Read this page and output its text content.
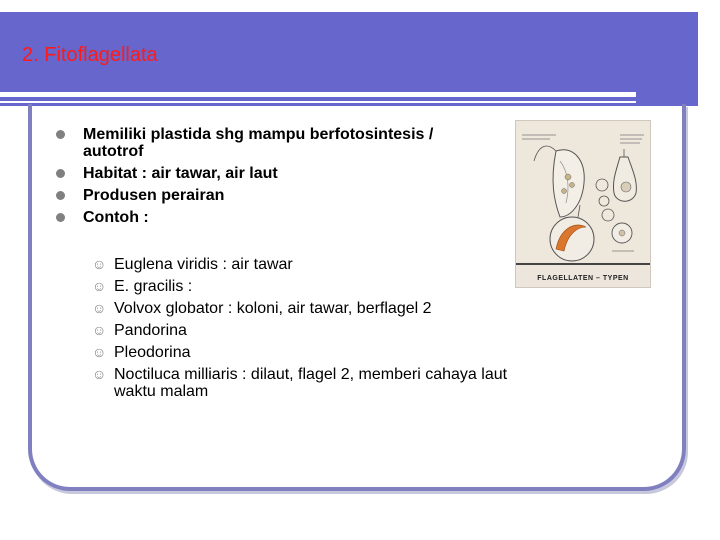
2. Fitoflagellata
Memiliki plastida shg mampu berfotosintesis / autotrof
Habitat : air tawar, air laut
Produsen perairan
Contoh :
☺ Euglena viridis : air tawar
☺ E. gracilis :
☺ Volvox globator : koloni, air tawar, berflagel 2
☺ Pandorina
☺ Pleodorina
☺ Noctiluca milliaris : dilaut, flagel 2, memberi cahaya laut waktu malam
FLAGELLATEN – TYPEN
